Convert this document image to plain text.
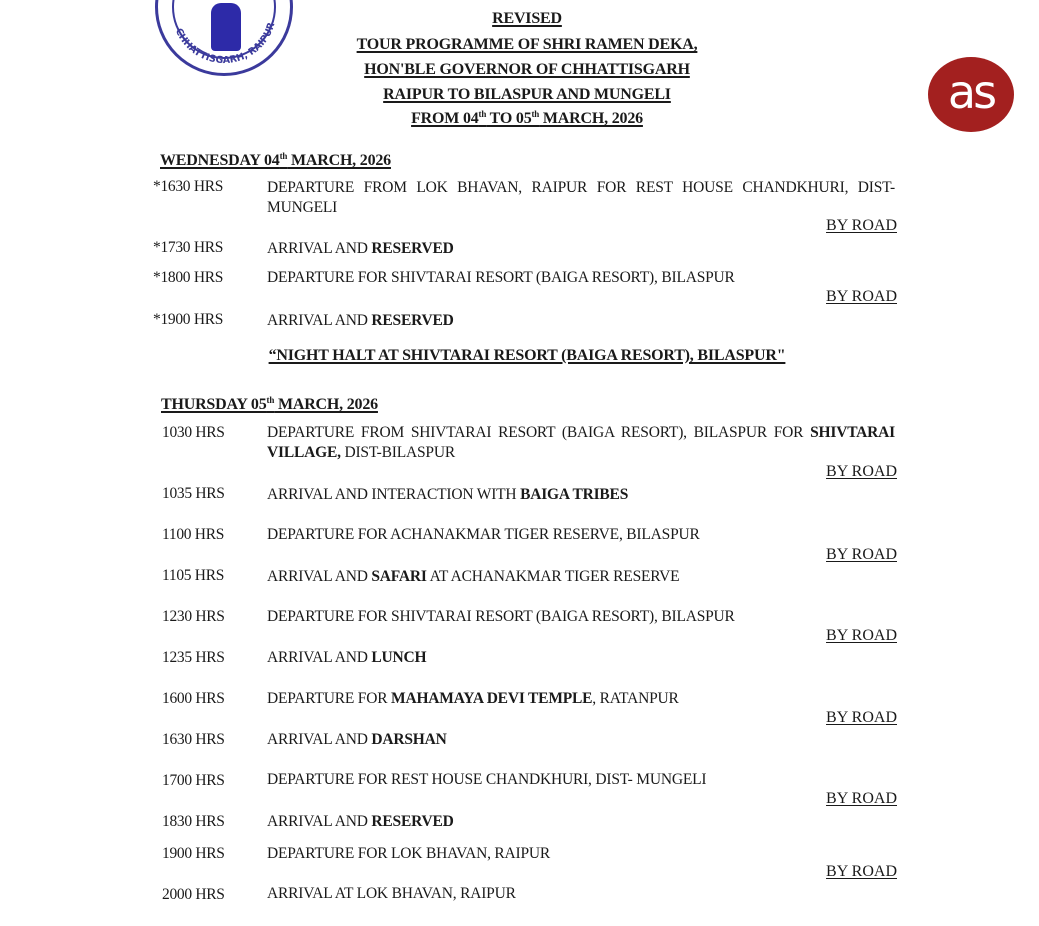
CHHATTISGARH, RAIPUR
as
REVISED
TOUR PROGRAMME OF SHRI RAMEN DEKA,
HON'BLE GOVERNOR OF CHHATTISGARH
RAIPUR TO BILASPUR AND MUNGELI
FROM 04th TO 05th MARCH, 2026
WEDNESDAY 04th MARCH, 2026
*1630 HRS	DEPARTURE FROM LOK BHAVAN, RAIPUR FOR REST HOUSE CHANDKHURI, DIST- MUNGELI
BY ROAD
*1730 HRS	ARRIVAL AND RESERVED
*1800 HRS	DEPARTURE FOR SHIVTARAI RESORT (BAIGA RESORT), BILASPUR
BY ROAD
*1900 HRS	ARRIVAL AND RESERVED
“NIGHT HALT AT SHIVTARAI RESORT (BAIGA RESORT), BILASPUR"
THURSDAY 05th MARCH, 2026
1030 HRS	DEPARTURE FROM SHIVTARAI RESORT (BAIGA RESORT), BILASPUR FOR SHIVTARAI VILLAGE, DIST-BILASPUR
BY ROAD
1035 HRS	ARRIVAL AND INTERACTION WITH BAIGA TRIBES
1100 HRS	DEPARTURE FOR ACHANAKMAR TIGER RESERVE, BILASPUR
BY ROAD
1105 HRS	ARRIVAL AND SAFARI AT ACHANAKMAR TIGER RESERVE
1230 HRS	DEPARTURE FOR SHIVTARAI RESORT (BAIGA RESORT), BILASPUR
BY ROAD
1235 HRS	ARRIVAL AND LUNCH
1600 HRS	DEPARTURE FOR MAHAMAYA DEVI TEMPLE, RATANPUR
BY ROAD
1630 HRS	ARRIVAL AND DARSHAN
1700 HRS	DEPARTURE FOR REST HOUSE CHANDKHURI, DIST- MUNGELI
BY ROAD
1830 HRS	ARRIVAL AND RESERVED
1900 HRS	DEPARTURE FOR LOK BHAVAN, RAIPUR
BY ROAD
2000 HRS	ARRIVAL AT LOK BHAVAN, RAIPUR
